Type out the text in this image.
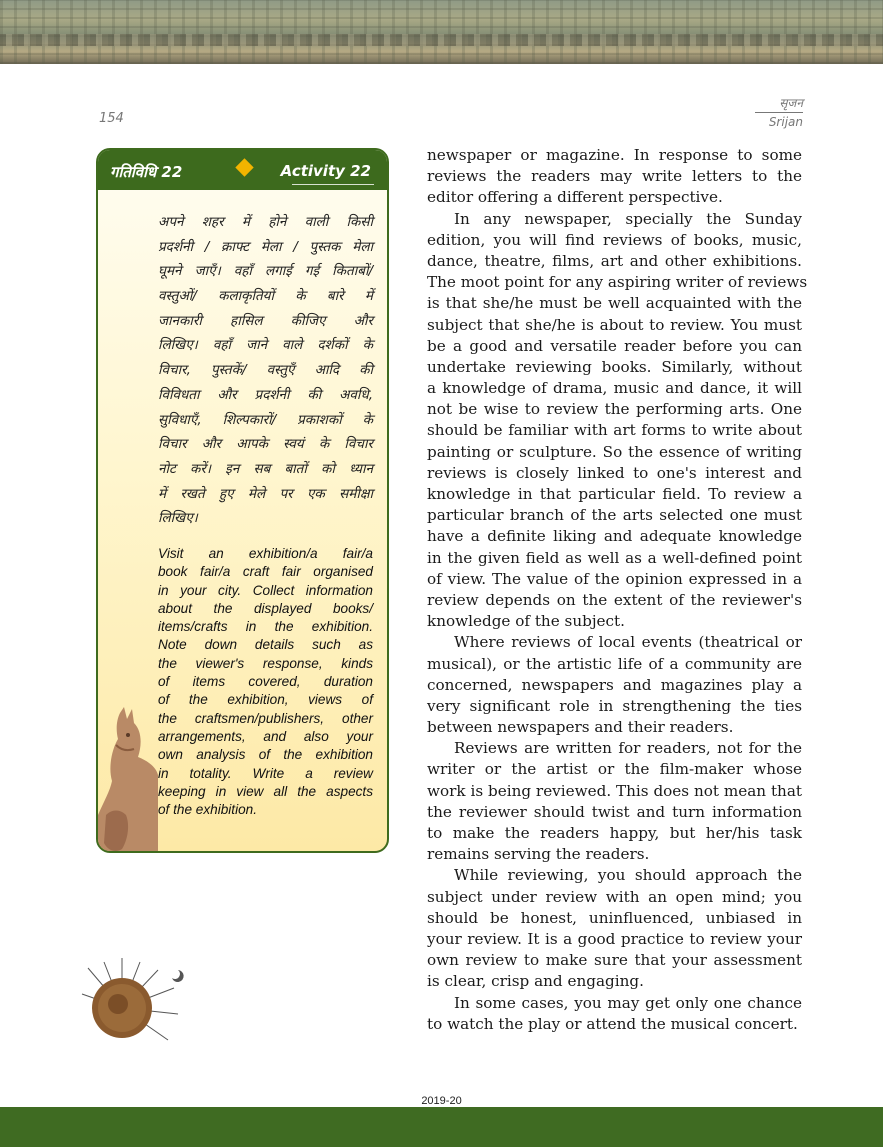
154
सृजन
Srijan
गतिविधि 22	Activity 22
अपने शहर में होने वाली किसी
प्रदर्शनी / क्राफ्ट मेला / पुस्तक मेला
घूमने जाएँ। वहाँ लगाई गई किताबों/
वस्तुओं/ कलाकृतियों के बारे में
जानकारी हासिल कीजिए और
लिखिए। वहाँ जाने वाले दर्शकों के
विचार, पुस्तकें/ वस्तुएँ आदि की
विविधता और प्रदर्शनी की अवधि,
सुविधाएँ, शिल्पकारों/ प्रकाशकों के
विचार और आपके स्वयं के विचार
नोट करें। इन सब बातों को ध्यान
में रखते हुए मेले पर एक समीक्षा
लिखिए।
Visit an exhibition/a fair/a
book fair/a craft fair organised
in your city. Collect information
about the displayed books/
items/crafts in the exhibition.
Note down details such as
the viewer's response, kinds
of items covered, duration
of the exhibition, views of
the craftsmen/publishers, other
arrangements, and also your
own analysis of the exhibition
in totality. Write a review
keeping in view all the aspects
of the exhibition.
newspaper or magazine. In response to some
reviews the readers may write letters to the
editor offering a different perspective.
In any newspaper, specially the Sunday
edition, you will find reviews of books, music,
dance, theatre, films, art and other exhibitions.
The moot point for any aspiring writer of reviews
is that she/he must be well acquainted with the
subject that she/he is about to review. You must
be a good and versatile reader before you can
undertake reviewing books. Similarly, without
a knowledge of drama, music and dance, it will
not be wise to review the performing arts. One
should be familiar with art forms to write about
painting or sculpture. So the essence of writing
reviews is closely linked to one's interest and
knowledge in that particular field. To review a
particular branch of the arts selected one must
have a definite liking and adequate knowledge
in the given field as well as a well-defined point
of view. The value of the opinion expressed in a
review depends on the extent of the reviewer's
knowledge of the subject.
Where reviews of local events (theatrical or
musical), or the artistic life of a community are
concerned, newspapers and magazines play a
very significant role in strengthening the ties
between newspapers and their readers.
Reviews are written for readers, not for the
writer or the artist or the film-maker whose
work is being reviewed. This does not mean that
the reviewer should twist and turn information
to make the readers happy, but her/his task
remains serving the readers.
While reviewing, you should approach the
subject under review with an open mind; you
should be honest, uninfluenced, unbiased in
your review. It is a good practice to review your
own review to make sure that your assessment
is clear, crisp and engaging.
In some cases, you may get only one chance
to watch the play or attend the musical concert.
2019-20
